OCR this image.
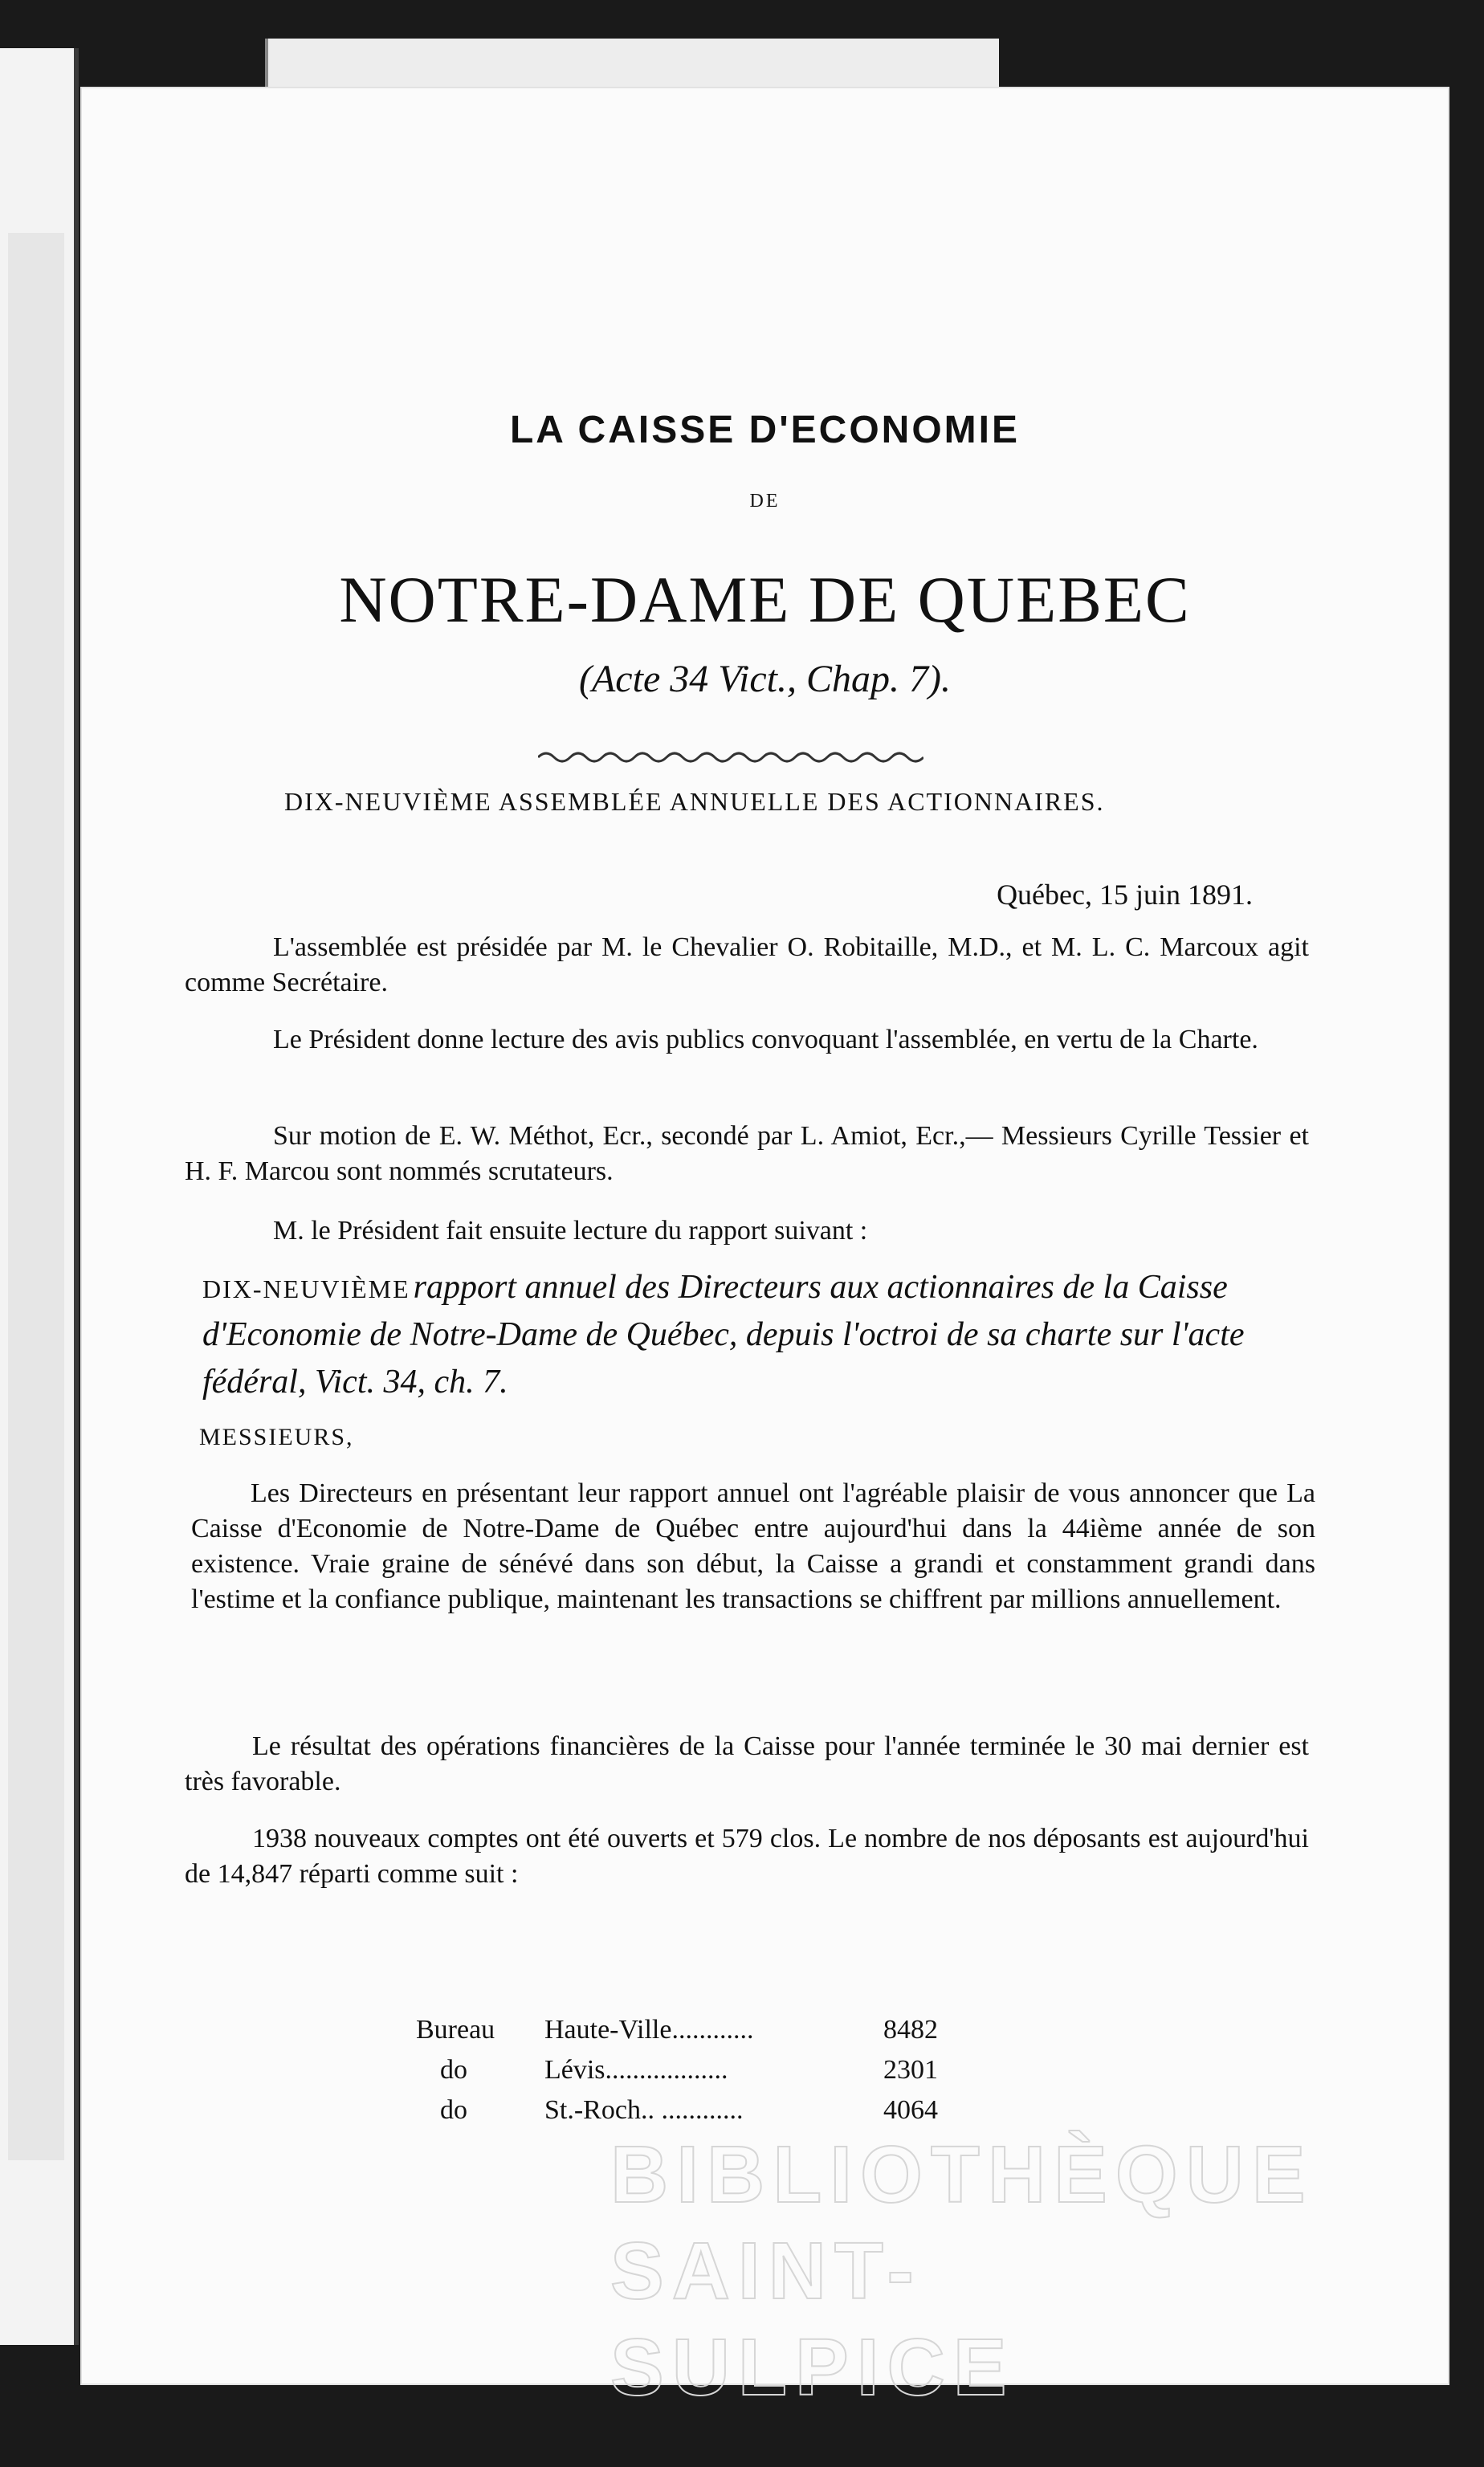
LA CAISSE D'ECONOMIE
DE
NOTRE-DAME DE QUEBEC
(Acte 34 Vict., Chap. 7).
DIX-NEUVIÈME ASSEMBLÉE ANNUELLE DES ACTIONNAIRES.
Québec, 15 juin 1891.
L'assemblée est présidée par M. le Chevalier O. Robitaille, M.D., et M. L. C. Marcoux agit comme Secrétaire.
Le Président donne lecture des avis publics convoquant l'assemblée, en vertu de la Charte.
Sur motion de E. W. Méthot, Ecr., secondé par L. Amiot, Ecr.,— Messieurs Cyrille Tessier et H. F. Marcou sont nommés scrutateurs.
M. le Président fait ensuite lecture du rapport suivant :
DIX-NEUVIÈME rapport annuel des Directeurs aux actionnaires de la Caisse d'Economie de Notre-Dame de Québec, depuis l'octroi de sa charte sur l'acte fédéral, Vict. 34, ch. 7.
MESSIEURS,
Les Directeurs en présentant leur rapport annuel ont l'agréable plaisir de vous annoncer que La Caisse d'Economie de Notre-Dame de Québec entre aujourd'hui dans la 44ième année de son existence. Vraie graine de sénévé dans son début, la Caisse a grandi et constamment grandi dans l'estime et la confiance publique, maintenant les transactions se chiffrent par millions annuellement.
Le résultat des opérations financières de la Caisse pour l'année terminée le 30 mai dernier est très favorable.
1938 nouveaux comptes ont été ouverts et 579 clos. Le nombre de nos déposants est aujourd'hui de 14,847 réparti comme suit :
Bureau	Haute-Ville............	8482
do	Lévis..................	2301
do	St.-Roch.. ............	4064
BIBLIOTHÈQUE
SAINT-SULPICE
